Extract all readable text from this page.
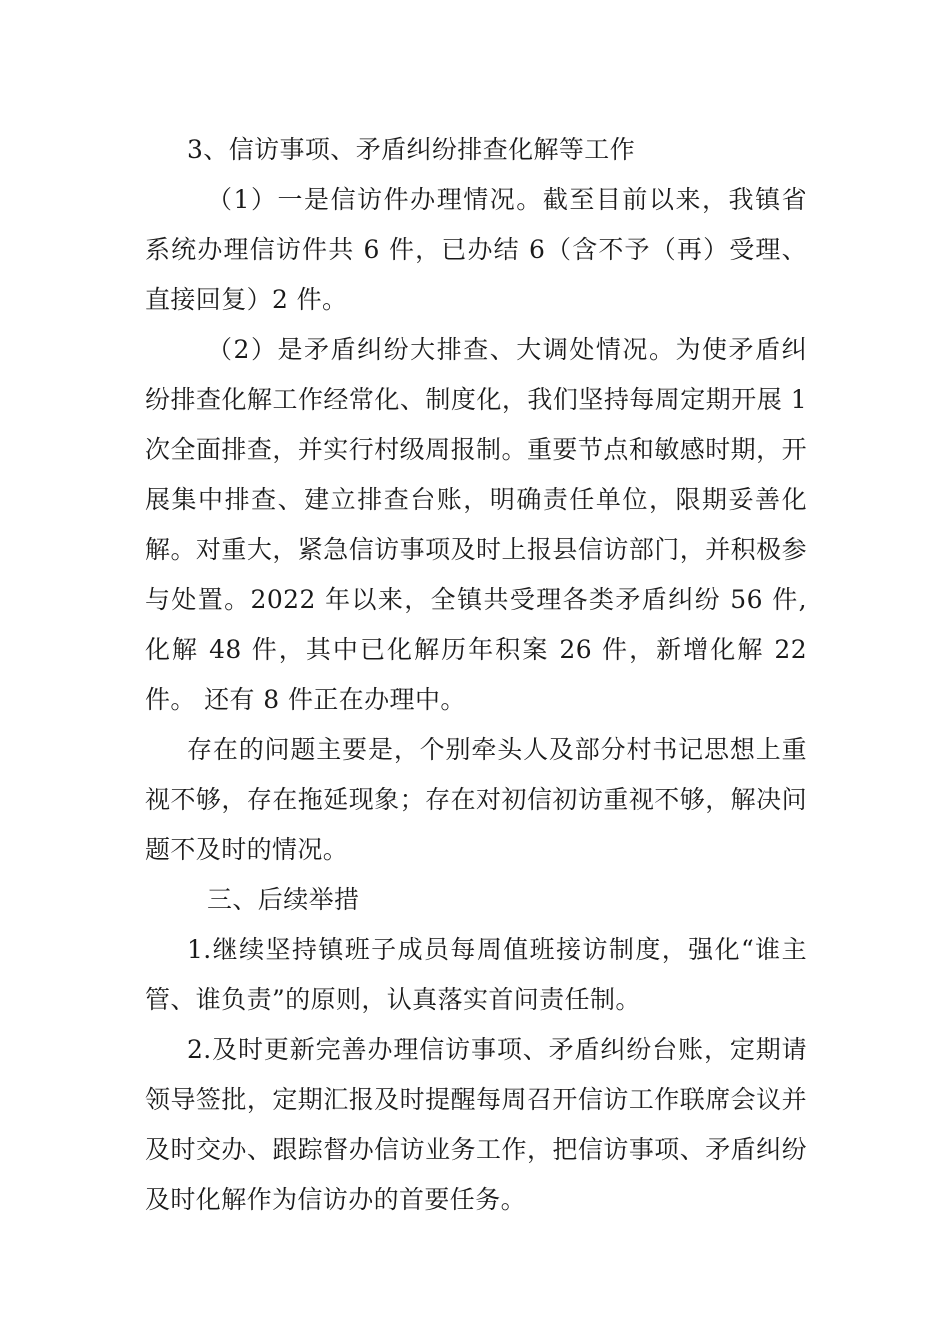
3、信访事项、矛盾纠纷排查化解等工作

（1）一是信访件办理情况。截至目前以来，我镇省系统办理信访件共 6 件，已办结 6（含不予（再）受理、直接回复）2 件。

（2）是矛盾纠纷大排查、大调处情况。为使矛盾纠纷排查化解工作经常化、制度化，我们坚持每周定期开展 1 次全面排查，并实行村级周报制。重要节点和敏感时期，开展集中排查、建立排查台账，明确责任单位，限期妥善化解。对重大，紧急信访事项及时上报县信访部门，并积极参与处置。2022 年以来，全镇共受理各类矛盾纠纷 56 件,化解 48 件，其中已化解历年积案 26 件，新增化解 22 件。 还有 8 件正在办理中。

存在的问题主要是，个别牵头人及部分村书记思想上重视不够，存在拖延现象；存在对初信初访重视不够，解决问题不及时的情况。

三、后续举措

1.继续坚持镇班子成员每周值班接访制度，强化“谁主管、谁负责”的原则，认真落实首问责任制。

2.及时更新完善办理信访事项、矛盾纠纷台账，定期请领导签批，定期汇报及时提醒每周召开信访工作联席会议并及时交办、跟踪督办信访业务工作，把信访事项、矛盾纠纷及时化解作为信访办的首要任务。
